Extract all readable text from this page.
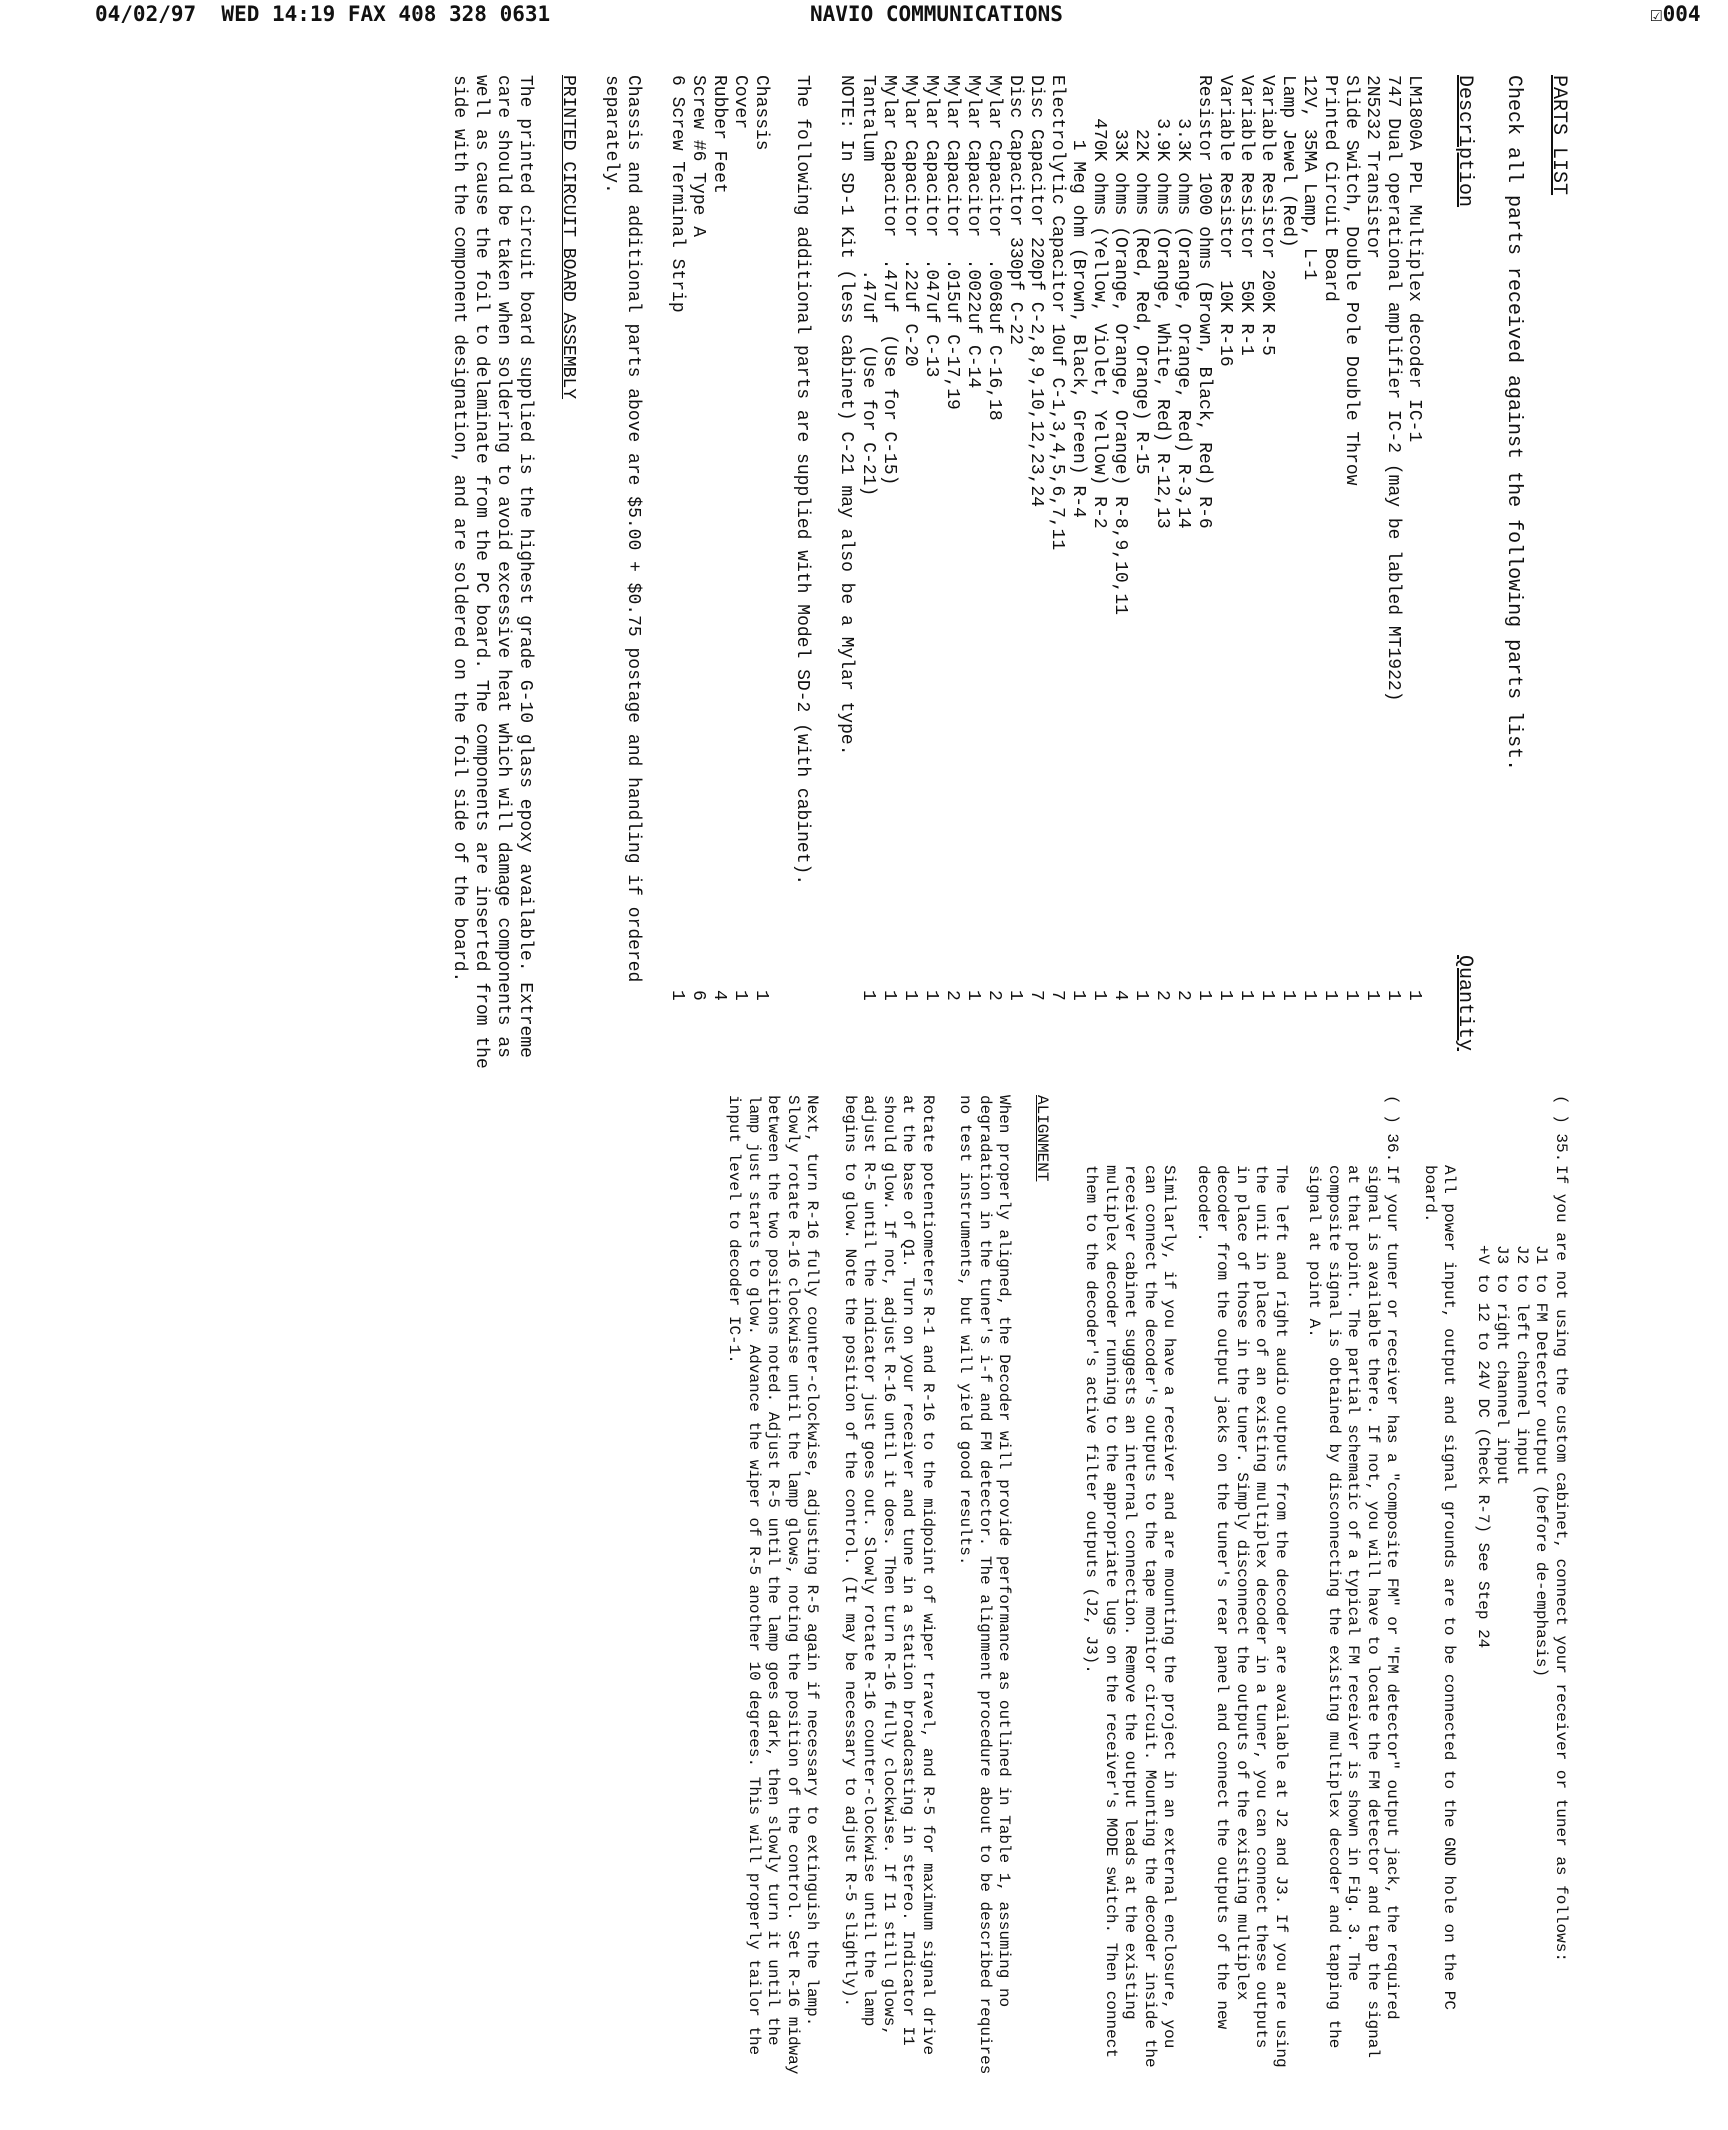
04/02/97  WED 14:19 FAX 408 328 0631	NAVIO COMMUNICATIONS	☑004
PARTS LIST
Check all parts received against the following parts list.
Description
Quantity
LM1800A PPL Multiplex decoder IC-1
1
747 Dual operational amplifier IC-2 (may be labled MT1922)
1
2N5232 Transistor
1
Slide Switch, Double Pole Double Throw
1
Printed Circuit Board
1
12V, 35MA Lamp, L-1
1
Lamp Jewel (Red)
1
Variable Resistor 200K R-5
1
Variable Resistor  50K R-1
1
Variable Resistor  10K R-16
1
Resistor 1000 ohms (Brown, Black, Red) R-6
1
3.3K ohms (Orange, Orange, Red) R-3,14
2
3.9K ohms (Orange, White, Red) R-12,13
2
22K ohms (Red, Red, Orange) R-15
1
33K ohms (Orange, Orange, Orange) R-8,9,10,11
4
470K ohms (Yellow, Violet, Yellow) R-2
1
1 Meg ohm (Brown, Black, Green) R-4
1
Electrolytic Capacitor 10uf C-1,3,4,5,6,7,11
7
Disc Capacitor 220pf C-2,8,9,10,12,23,24
7
Disc Capacitor 330pf C-22
1
Mylar Capacitor  .0068uf C-16,18
2
Mylar Capacitor  .0022uf C-14
1
Mylar Capacitor  .015uf C-17,19
2
Mylar Capacitor  .047uf C-13
1
Mylar Capacitor  .22uf C-20
1
Mylar Capacitor  .47uf  (Use for C-15)
1
Tantalum          .47uf  (Use for C-21)
1

NOTE: In SD-1 Kit (less cabinet) C-21 may also be a Mylar type.

The following additional parts are supplied with Model SD-2 (with cabinet).

Chassis
1
Cover
1
Rubber Feet
4
Screw #6 Type A
6
6 Screw Terminal Strip
1

Chassis and additional parts above are $5.00 + $0.75 postage and handling if ordered separately.

PRINTED CIRCUIT BOARD ASSEMBLY

The printed circuit board supplied is the highest grade G-10 glass epoxy available. Extreme care should be taken when soldering to avoid excessive heat which will damage components as well as cause the foil to delaminate from the PC board. The components are inserted from the side with the component designation, and are soldered on the foil side of the board.

( ) 35.
If you are not using the custom cabinet, connect your receiver or tuner as follows:
J1 to FM Detector output (before de-emphasis)
J2 to left channel input
J3 to right channel input
+V to 12 to 24V DC (Check R-7) See Step 24

All power input, output and signal grounds are to be connected to the GND hole on the PC board.

( ) 36.
If your tuner or receiver has a "composite FM" or "FM detector" output jack, the required signal is available there. If not, you will have to locate the FM detector and tap the signal at that point. The partial schematic of a typical FM receiver is shown in Fig. 3. The composite signal is obtained by disconnecting the existing multiplex decoder and tapping the signal at point A.

The left and right audio outputs from the decoder are available at J2 and J3. If you are using the unit in place of an existing multiplex decoder in a tuner, you can connect these outputs in place of those in the tuner. Simply disconnect the outputs of the existing multiplex decoder from the output jacks on the tuner's rear panel and connect the outputs of the new decoder.

Similarly, if you have a receiver and are mounting the project in an external enclosure, you can connect the decoder's outputs to the tape monitor circuit. Mounting the decoder inside the receiver cabinet suggests an internal connection. Remove the output leads at the existing multiplex decoder running to the appropriate lugs on the receiver's MODE switch. Then connect them to the decoder's active filter outputs (J2, J3).

ALIGNMENT

When properly aligned, the Decoder will provide performance as outlined in Table 1, assuming no degradation in the tuner's i-f and FM detector. The alignment procedure about to be described requires no test instruments, but will yield good results.

Rotate potentiometers R-1 and R-16 to the midpoint of wiper travel, and R-5 for maximum signal drive at the base of Q1. Turn on your receiver and tune in a station broadcasting in stereo. Indicator I1 should glow. If not, adjust R-16 until it does. Then turn R-16 fully clockwise. If I1 still glows, adjust R-5 until the indicator just goes out. Slowly rotate R-16 counter-clockwise until the lamp begins to glow. Note the position of the control. (It may be necessary to adjust R-5 slightly).

Next, turn R-16 fully counter-clockwise, adjusting R-5 again if necessary to extinguish the lamp. Slowly rotate R-16 clockwise until the lamp glows, noting the position of the control. Set R-16 midway between the two positions noted. Adjust R-5 until the lamp goes dark, then slowly turn it until the lamp just starts to glow. Advance the wiper of R-5 another 10 degrees. This will properly tailor the input level to decoder IC-1.
